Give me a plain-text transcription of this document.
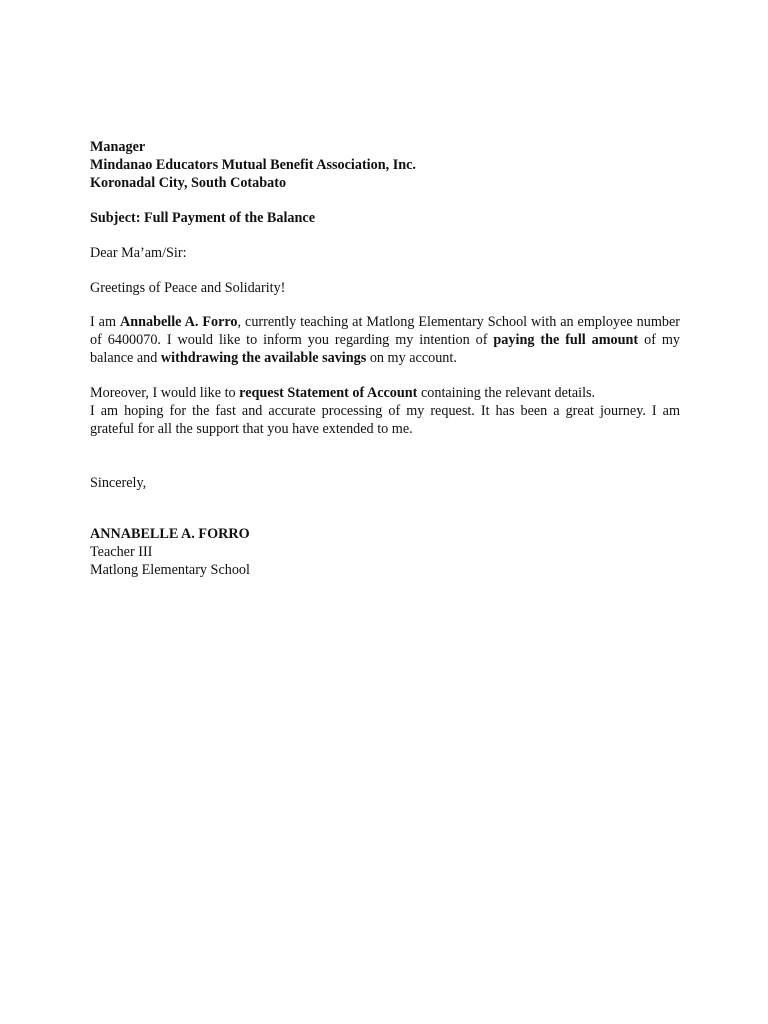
Manager
Mindanao Educators Mutual Benefit Association, Inc.
Koronadal City, South Cotabato
Subject: Full Payment of the Balance
Dear Ma’am/Sir:
Greetings of Peace and Solidarity!

I am Annabelle A. Forro, currently teaching at Matlong Elementary School with an employee number of 6400070. I would like to inform you regarding my intention of paying the full amount of my balance and withdrawing the available savings on my account.

Moreover, I would like to request Statement of Account containing the relevant details.

I am hoping for the fast and accurate processing of my request. It has been a great journey. I am grateful for all the support that you have extended to me.

Sincerely,
ANNABELLE A. FORRO
Teacher III
Matlong Elementary School
